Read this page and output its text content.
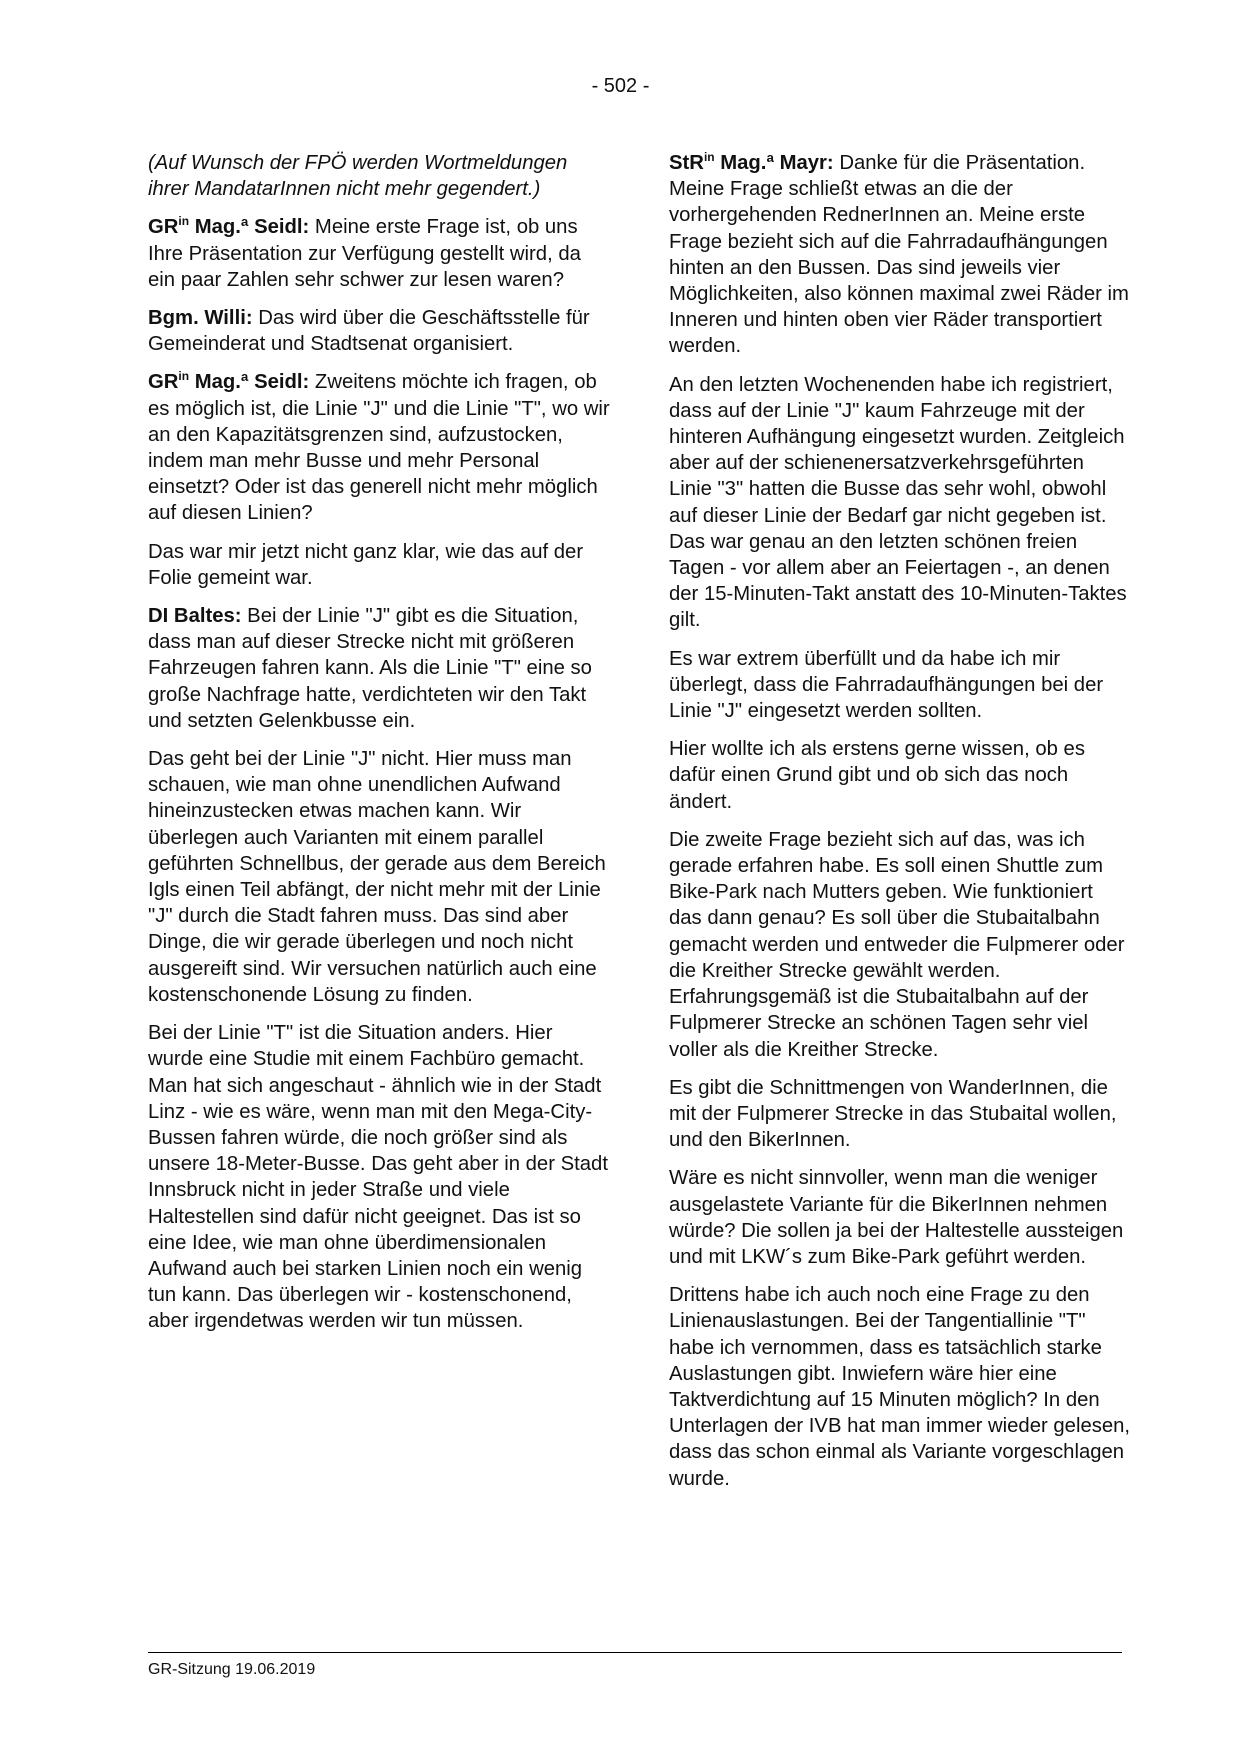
- 502 -

(Auf Wunsch der FPÖ werden Wortmeldungen ihrer MandatarInnen nicht mehr gegendert.)

$GR^{in}$ Mag.ª Seidl: Meine erste Frage ist, ob uns Ihre Präsentation zur Verfügung gestellt wird, da ein paar Zahlen sehr schwer zur lesen waren?

Bgm. Willi: Das wird über die Geschäftsstelle für Gemeinderat und Stadtsenat organisiert.

$GR^{in}$ Mag.ª Seidl: Zweitens möchte ich fragen, ob es möglich ist, die Linie "J" und die Linie "T", wo wir an den Kapazitätsgrenzen sind, aufzustocken, indem man mehr Busse und mehr Personal einsetzt? Oder ist das generell nicht mehr möglich auf diesen Linien?

Das war mir jetzt nicht ganz klar, wie das auf der Folie gemeint war.

DI Baltes: Bei der Linie "J" gibt es die Situation, dass man auf dieser Strecke nicht mit größeren Fahrzeugen fahren kann. Als die Linie "T" eine so große Nachfrage hatte, verdichteten wir den Takt und setzten Gelenkbusse ein.

Das geht bei der Linie "J" nicht. Hier muss man schauen, wie man ohne unendlichen Aufwand hineinzustecken etwas machen kann. Wir überlegen auch Varianten mit einem parallel geführten Schnellbus, der gerade aus dem Bereich Igls einen Teil abfängt, der nicht mehr mit der Linie "J" durch die Stadt fahren muss. Das sind aber Dinge, die wir gerade überlegen und noch nicht ausgereift sind. Wir versuchen natürlich auch eine kostenschonende Lösung zu finden.

Bei der Linie "T" ist die Situation anders. Hier wurde eine Studie mit einem Fachbüro gemacht. Man hat sich angeschaut - ähnlich wie in der Stadt Linz - wie es wäre, wenn man mit den Mega-City-Bussen fahren würde, die noch größer sind als unsere 18-Meter-Busse. Das geht aber in der Stadt Innsbruck nicht in jeder Straße und viele Haltestellen sind dafür nicht geeignet. Das ist so eine Idee, wie man ohne überdimensionalen Aufwand auch bei starken Linien noch ein wenig tun kann. Das überlegen wir - kostenschonend, aber irgendetwas werden wir tun müssen.

StR$^{in}$ Mag.ª Mayr: Danke für die Präsentation. Meine Frage schließt etwas an die der vorhergehenden RednerInnen an. Meine erste Frage bezieht sich auf die Fahrradaufhängungen hinten an den Bussen. Das sind jeweils vier Möglichkeiten, also können maximal zwei Räder im Inneren und hinten oben vier Räder transportiert werden.

An den letzten Wochenenden habe ich registriert, dass auf der Linie "J" kaum Fahrzeuge mit der hinteren Aufhängung eingesetzt wurden. Zeitgleich aber auf der schienenersatzverkehrsgeführten Linie "3" hatten die Busse das sehr wohl, obwohl auf dieser Linie der Bedarf gar nicht gegeben ist. Das war genau an den letzten schönen freien Tagen - vor allem aber an Feiertagen -, an denen der 15-Minuten-Takt anstatt des 10-Minuten-Taktes gilt.

Es war extrem überfüllt und da habe ich mir überlegt, dass die Fahrradaufhängungen bei der Linie "J" eingesetzt werden sollten.

Hier wollte ich als erstens gerne wissen, ob es dafür einen Grund gibt und ob sich das noch ändert.

Die zweite Frage bezieht sich auf das, was ich gerade erfahren habe. Es soll einen Shuttle zum Bike-Park nach Mutters geben. Wie funktioniert das dann genau? Es soll über die Stubaitalbahn gemacht werden und entweder die Fulpmerer oder die Kreither Strecke gewählt werden. Erfahrungsgemäß ist die Stubaitalbahn auf der Fulpmerer Strecke an schönen Tagen sehr viel voller als die Kreither Strecke.

Es gibt die Schnittmengen von WanderInnen, die mit der Fulpmerer Strecke in das Stubaital wollen, und den BikerInnen.

Wäre es nicht sinnvoller, wenn man die weniger ausgelastete Variante für die BikerInnen nehmen würde? Die sollen ja bei der Haltestelle aussteigen und mit LKW´s zum Bike-Park geführt werden.

Drittens habe ich auch noch eine Frage zu den Linienauslastungen. Bei der Tangentiallinie "T" habe ich vernommen, dass es tatsächlich starke Auslastungen gibt. Inwiefern wäre hier eine Taktverdichtung auf 15 Minuten möglich? In den Unterlagen der IVB hat man immer wieder gelesen, dass das schon einmal als Variante vorgeschlagen wurde.

GR-Sitzung 19.06.2019
